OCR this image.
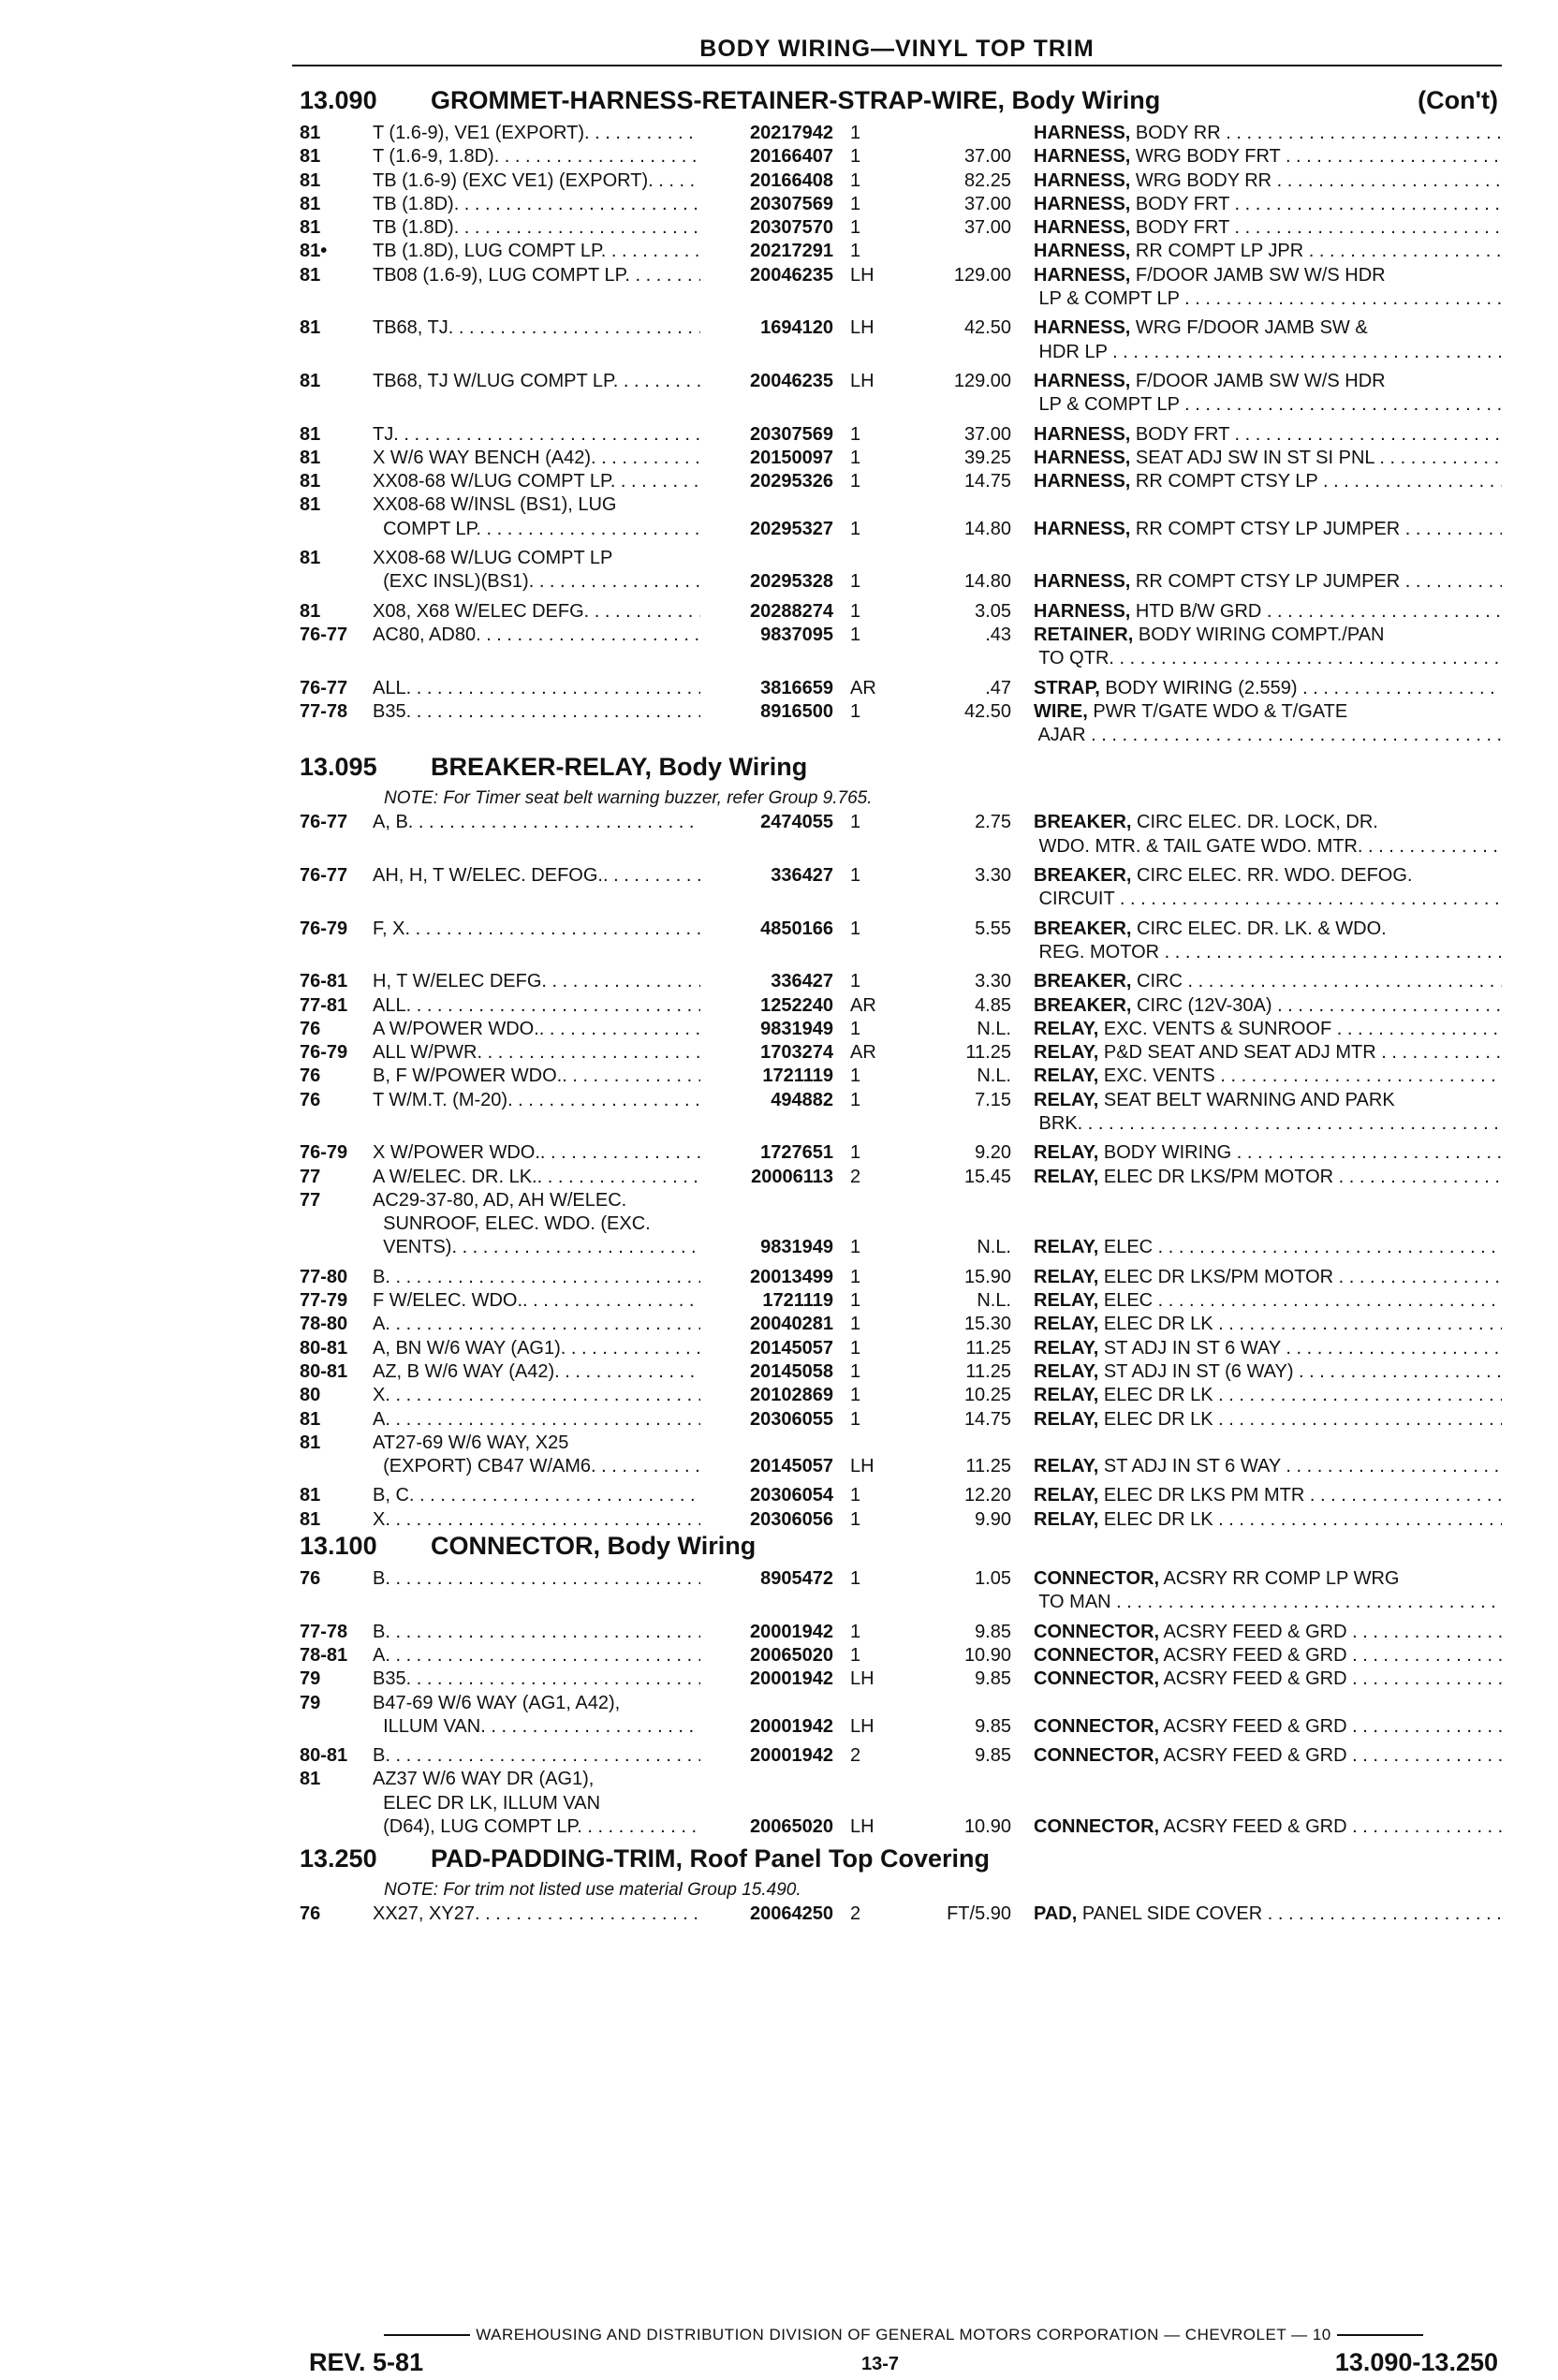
BODY WIRING—VINYL TOP TRIM
13.090	GROMMET-HARNESS-RETAINER-STRAP-WIRE, Body Wiring	(Con't)
81	T (1.6-9), VE1 (EXPORT) . . .	20217942 1	HARNESS, BODY RR . . .
81	T (1.6-9, 1.8D) . . .	20166407 1	37.00 HARNESS, WRG BODY FRT . . .
81	TB (1.6-9) (EXC VE1) (EXPORT) . . .	20166408 1	82.25 HARNESS, WRG BODY RR . . .
81	TB (1.8D) . . .	20307569 1	37.00 HARNESS, BODY FRT . . .
81	TB (1.8D) . . .	20307570 1	37.00 HARNESS, BODY FRT . . .
81• TB (1.8D), LUG COMPT LP . . .	20217291 1	HARNESS, RR COMPT LP JPR . . .
81	TB08 (1.6-9), LUG COMPT LP . . .	20046235 LH	129.00 HARNESS, F/DOOR JAMB SW W/S HDR
LP & COMPT LP . . .
81	TB68, TJ . . .	1694120 LH	42.50 HARNESS, WRG F/DOOR JAMB SW &
HDR LP . . .
81	TB68, TJ W/LUG COMPT LP . . .	20046235 LH	129.00 HARNESS, F/DOOR JAMB SW W/S HDR
LP & COMPT LP . . .
81	TJ . . .	20307569 1	37.00 HARNESS, BODY FRT . . .
81	X W/6 WAY BENCH (A42) . . .	20150097 1	39.25 HARNESS, SEAT ADJ SW IN ST SI PNL . . .
81	XX08-68 W/LUG COMPT LP . . .	20295326 1	14.75 HARNESS, RR COMPT CTSY LP . . .
81	XX08-68 W/INSL (BS1), LUG
COMPT LP . . .	20295327 1	14.80 HARNESS, RR COMPT CTSY LP JUMPER . . .
81	XX08-68 W/LUG COMPT LP
(EXC INSL)(BS1) . . .	20295328 1	14.80 HARNESS, RR COMPT CTSY LP JUMPER . . .
81	X08, X68 W/ELEC DEFG . . .	20288274 1	3.05 HARNESS, HTD B/W GRD . . .
76-77 AC80, AD80 . . .	9837095 1	.43 RETAINER, BODY WIRING COMPT./PAN
TO QTR. . . .
76-77 ALL . . .	3816659 AR	.47 STRAP, BODY WIRING (2.559) . . .
77-78 B35 . . .	8916500 1	42.50 WIRE, PWR T/GATE WDO & T/GATE
AJAR . . .
13.095	BREAKER-RELAY, Body Wiring
NOTE: For Timer seat belt warning buzzer, refer Group 9.765.
76-77 A, B . . .	2474055 1	2.75 BREAKER, CIRC ELEC. DR. LOCK, DR.
WDO. MTR. & TAIL GATE WDO. MTR. . . .
76-77 AH, H, T W/ELEC. DEFOG. . . .	336427 1	3.30 BREAKER, CIRC ELEC. RR. WDO. DEFOG.
CIRCUIT . . .
76-79 F, X . . .	4850166 1	5.55 BREAKER, CIRC ELEC. DR. LK. & WDO.
REG. MOTOR . . .
76-81 H, T W/ELEC DEFG . . .	336427 1	3.30 BREAKER, CIRC . . .
77-81 ALL . . .	1252240 AR	4.85 BREAKER, CIRC (12V-30A) . . .
76	A W/POWER WDO. . . .	9831949 1	N.L. RELAY, EXC. VENTS & SUNROOF . . .
76-79 ALL W/PWR . . .	1703274 AR	11.25 RELAY, P&D SEAT AND SEAT ADJ MTR . . .
76	B, F W/POWER WDO. . . .	1721119 1	N.L. RELAY, EXC. VENTS . . .
76	T W/M.T. (M-20) . . .	494882 1	7.15 RELAY, SEAT BELT WARNING AND PARK
BRK. . . .
76-79 X W/POWER WDO. . . .	1727651 1	9.20 RELAY, BODY WIRING . . .
77	A W/ELEC. DR. LK. . . .	20006113 2	15.45 RELAY, ELEC DR LKS/PM MOTOR . . .
77	AC29-37-80, AD, AH W/ELEC.
SUNROOF, ELEC. WDO. (EXC.
VENTS) . . .	9831949 1	N.L. RELAY, ELEC . . .
77-80 B . . .	20013499 1	15.90 RELAY, ELEC DR LKS/PM MOTOR . . .
77-79 F W/ELEC. WDO. . . .	1721119 1	N.L. RELAY, ELEC . . .
78-80 A . . .	20040281 1	15.30 RELAY, ELEC DR LK . . .
80-81 A, BN W/6 WAY (AG1) . . .	20145057 1	11.25 RELAY, ST ADJ IN ST 6 WAY . . .
80-81 AZ, B W/6 WAY (A42) . . .	20145058 1	11.25 RELAY, ST ADJ IN ST (6 WAY) . . .
80	X . . .	20102869 1	10.25 RELAY, ELEC DR LK . . .
81	A . . .	20306055 1	14.75 RELAY, ELEC DR LK . . .
81	AT27-69 W/6 WAY, X25
(EXPORT) CB47 W/AM6 . . .	20145057 LH	11.25 RELAY, ST ADJ IN ST 6 WAY . . .
81	B, C . . .	20306054 1	12.20 RELAY, ELEC DR LKS PM MTR . . .
81	X . . .	20306056 1	9.90 RELAY, ELEC DR LK . . .
13.100	CONNECTOR, Body Wiring
76	B . . .	8905472 1	1.05 CONNECTOR, ACSRY RR COMP LP WRG
TO MAN . . .
77-78 B . . .	20001942 1	9.85 CONNECTOR, ACSRY FEED & GRD . . .
78-81 A . . .	20065020 1	10.90 CONNECTOR, ACSRY FEED & GRD . . .
79	B35 . . .	20001942 LH	9.85 CONNECTOR, ACSRY FEED & GRD . . .
79	B47-69 W/6 WAY (AG1, A42),
ILLUM VAN . . .	20001942 LH	9.85 CONNECTOR, ACSRY FEED & GRD . . .
80-81 B . . .	20001942 2	9.85 CONNECTOR, ACSRY FEED & GRD . . .
81	AZ37 W/6 WAY DR (AG1),
ELEC DR LK, ILLUM VAN
(D64), LUG COMPT LP . . .	20065020 LH	10.90 CONNECTOR, ACSRY FEED & GRD . . .
13.250	PAD-PADDING-TRIM, Roof Panel Top Covering
NOTE: For trim not listed use material Group 15.490.
76	XX27, XY27 . . .	20064250 2	FT/5.90 PAD, PANEL SIDE COVER . . .
WAREHOUSING AND DISTRIBUTION DIVISION OF GENERAL MOTORS CORPORATION — CHEVROLET — 10
REV. 5-81	13-7	13.090-13.250
